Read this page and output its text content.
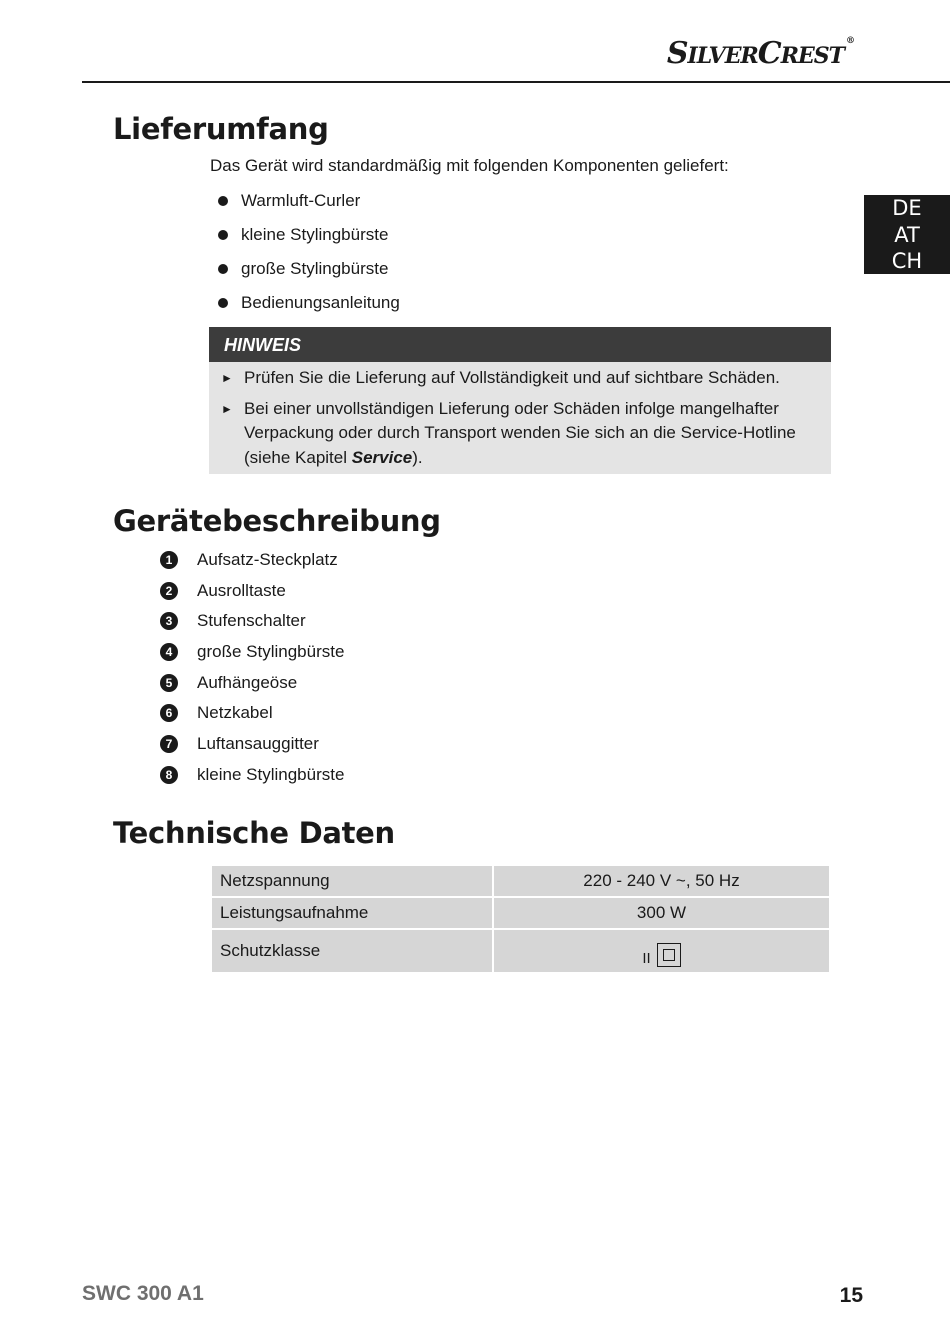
SILVERCREST®
DE
AT
CH
Lieferumfang

Das Gerät wird standardmäßig mit folgenden Komponenten geliefert:

Warmluft-Curler
kleine Stylingbürste
große Stylingbürste
Bedienungsanleitung
HINWEIS
► Prüfen Sie die Lieferung auf Vollständigkeit und auf sichtbare Schäden.
► Bei einer unvollständigen Lieferung oder Schäden infolge mangelhafter Verpackung oder durch Transport wenden Sie sich an die Service-Hotline (siehe Kapitel Service).
Gerätebeschreibung
1	Aufsatz-Steckplatz
2	Ausrolltaste
3	Stufenschalter
4	große Stylingbürste
5	Aufhängeöse
6	Netzkabel
7	Luftansauggitter
8	kleine Stylingbürste
Technische Daten
Netzspannung	220 - 240 V ~, 50 Hz
Leistungsaufnahme	300 W
Schutzklasse	II
SWC 300 A1	15
